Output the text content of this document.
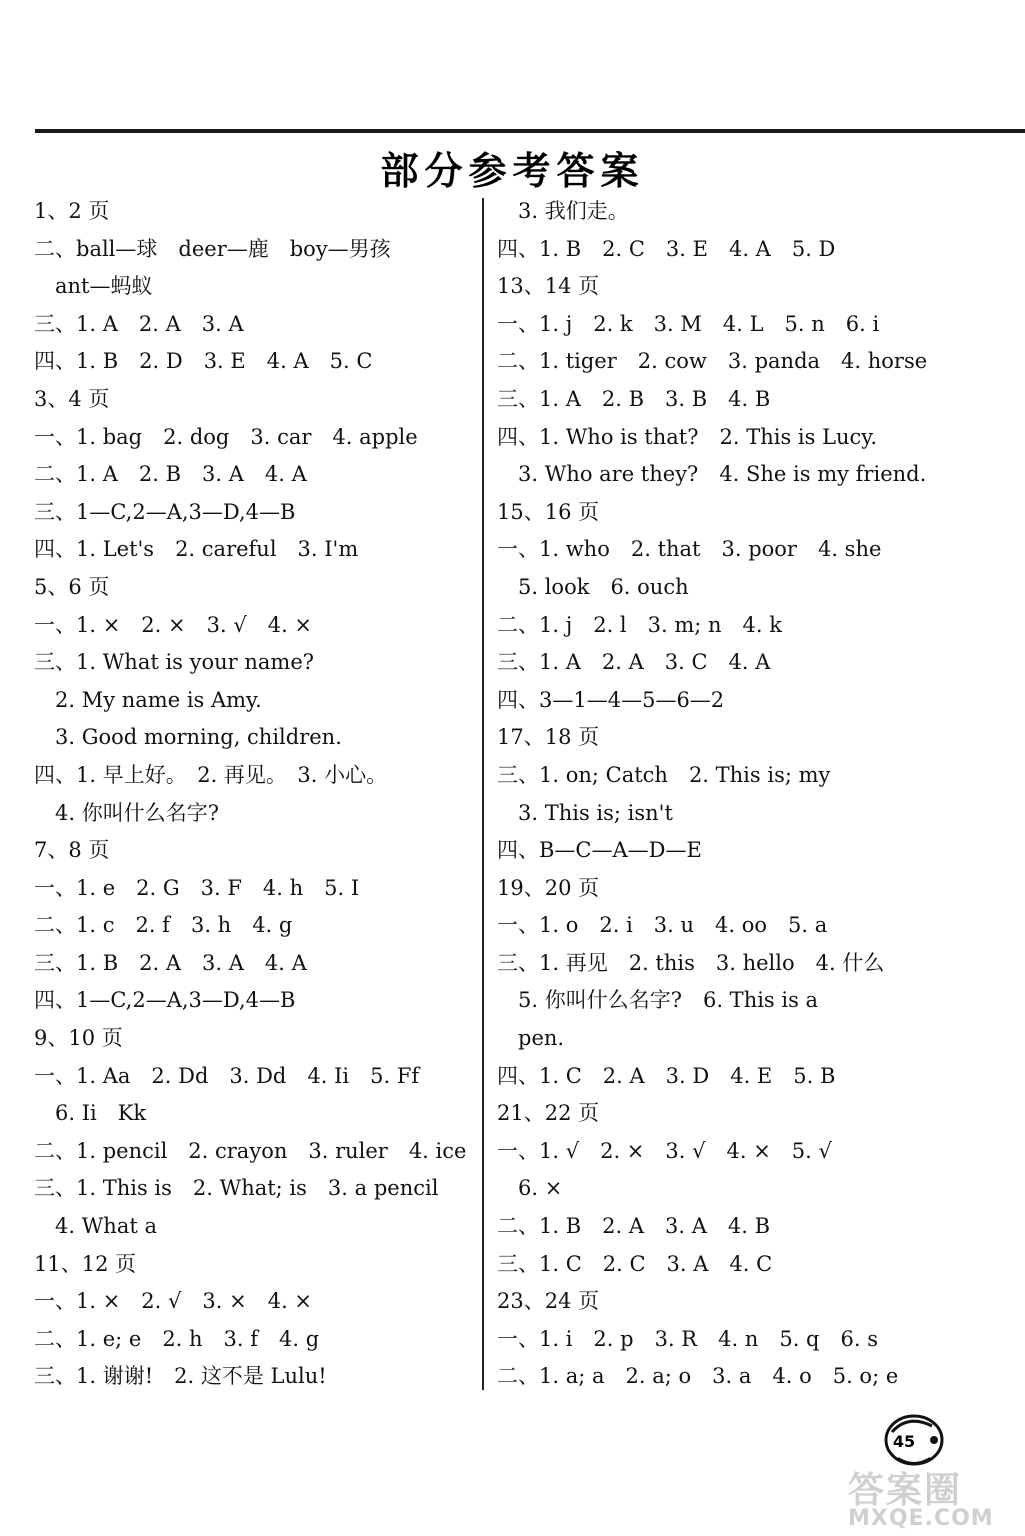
部分参考答案
1、2 页
二、ball—球　deer—鹿　boy—男孩
　ant—蚂蚁
三、1. A　2. A　3. A
四、1. B　2. D　3. E　4. A　5. C
3、4 页
一、1. bag　2. dog　3. car　4. apple
二、1. A　2. B　3. A　4. A
三、1—C,2—A,3—D,4—B
四、1. Let's　2. careful　3. I'm
5、6 页
一、1. ×　2. ×　3. √　4. ×
三、1. What is your name?
　2. My name is Amy.
　3. Good morning, children.
四、1. 早上好。　2. 再见。　3. 小心。
　4. 你叫什么名字?
7、8 页
一、1. e　2. G　3. F　4. h　5. I
二、1. c　2. f　3. h　4. g
三、1. B　2. A　3. A　4. A
四、1—C,2—A,3—D,4—B
9、10 页
一、1. Aa　2. Dd　3. Dd　4. Ii　5. Ff
　6. Ii　Kk
二、1. pencil　2. crayon　3. ruler　4. ice
三、1. This is　2. What; is　3. a pencil
　4. What a
11、12 页
一、1. ×　2. √　3. ×　4. ×
二、1. e; e　2. h　3. f　4. g
三、1. 谢谢!　2. 这不是 Lulu!
　3. 我们走。
四、1. B　2. C　3. E　4. A　5. D
13、14 页
一、1. j　2. k　3. M　4. L　5. n　6. i
二、1. tiger　2. cow　3. panda　4. horse
三、1. A　2. B　3. B　4. B
四、1. Who is that?　2. This is Lucy.
　3. Who are they?　4. She is my friend.
15、16 页
一、1. who　2. that　3. poor　4. she
　5. look　6. ouch
二、1. j　2. l　3. m; n　4. k
三、1. A　2. A　3. C　4. A
四、3—1—4—5—6—2
17、18 页
三、1. on; Catch　2. This is; my
　3. This is; isn't
四、B—C—A—D—E
19、20 页
一、1. o　2. i　3. u　4. oo　5. a
三、1. 再见　2. this　3. hello　4. 什么
　5. 你叫什么名字?　6. This is a
　pen.
四、1. C　2. A　3. D　4. E　5. B
21、22 页
一、1. √　2. ×　3. √　4. ×　5. √
　6. ×
二、1. B　2. A　3. A　4. B
三、1. C　2. C　3. A　4. C
23、24 页
一、1. i　2. p　3. R　4. n　5. q　6. s
二、1. a; a　2. a; o　3. a　4. o　5. o; e
45
答案圈
MXQE.COM
